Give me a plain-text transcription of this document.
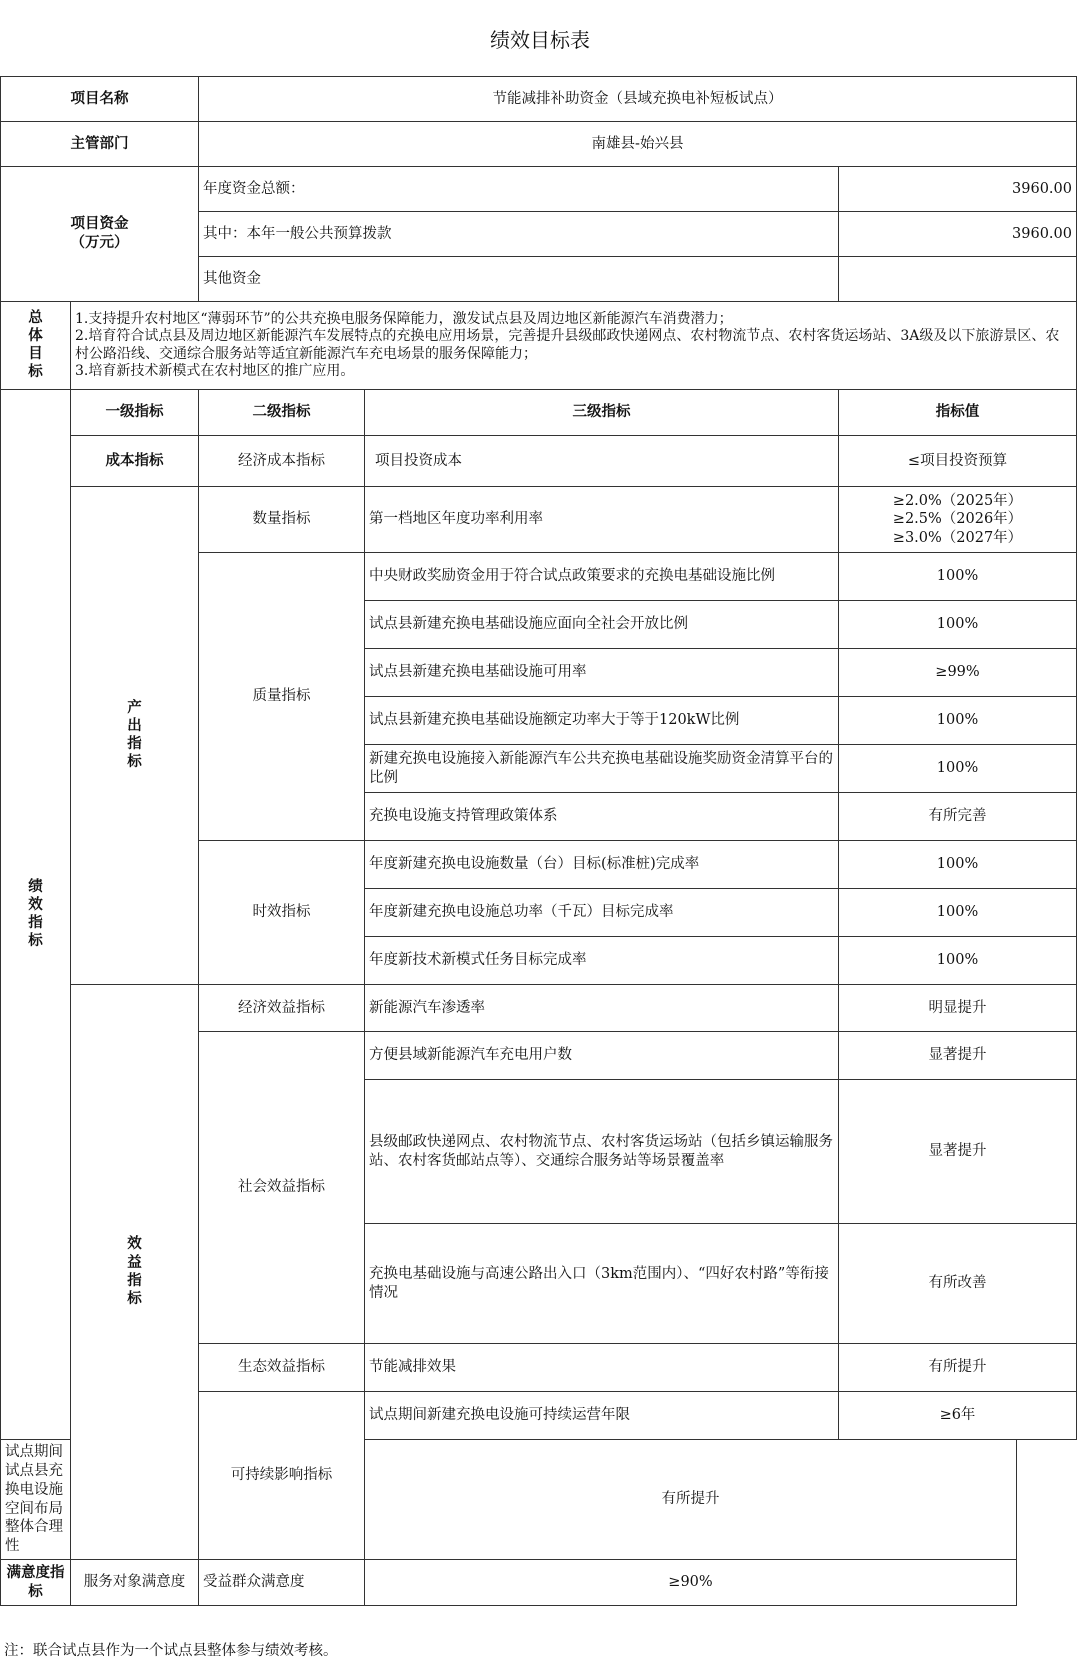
绩效目标表
项目名称		节能减排补助资金（县域充换电补短板试点）		
主管部门		南雄县-始兴县		
项目资金
（万元）		年度资金总额：		3960.00
		其中：本年一般公共预算拨款		3960.00
		其他资金		
总
体
目
标	1.支持提升农村地区“薄弱环节”的公共充换电服务保障能力，激发试点县及周边地区新能源汽车消费潜力；
2.培育符合试点县及周边地区新能源汽车发展特点的充换电应用场景，完善提升县级邮政快递网点、农村物流节点、农村客货运场站、3A级及以下旅游景区、农村公路沿线、交通综合服务站等适宜新能源汽车充电场景的服务保障能力；
3.培育新技术新模式在农村地区的推广应用。			
绩
效
指
标	一级指标	二级指标	三级指标	指标值
	成本指标	经济成本指标	项目投资成本	≤项目投资预算
	产
出
指
标	数量指标	第一档地区年度功率利用率	≥2.0%（2025年）
≥2.5%（2026年）
≥3.0%（2027年）
		质量指标	中央财政奖励资金用于符合试点政策要求的充换电基础设施比例	100%
			试点县新建充换电基础设施应面向全社会开放比例	100%
			试点县新建充换电基础设施可用率	≥99%
			试点县新建充换电基础设施额定功率大于等于120kW比例	100%
			新建充换电设施接入新能源汽车公共充换电基础设施奖励资金清算平台的比例	100%
			充换电设施支持管理政策体系	有所完善
		时效指标	年度新建充换电设施数量（台）目标(标准桩)完成率	100%
			年度新建充换电设施总功率（千瓦）目标完成率	100%
			年度新技术新模式任务目标完成率	100%
	效
益
指
标	经济效益指标	新能源汽车渗透率	明显提升
		社会效益指标	方便县域新能源汽车充电用户数	显著提升
			县级邮政快递网点、农村物流节点、农村客货运场站（包括乡镇运输服务站、农村客货邮站点等）、交通综合服务站等场景覆盖率	显著提升
			充换电基础设施与高速公路出入口（3km范围内）、“四好农村路”等衔接情况	有所改善
		生态效益指标	节能减排效果	有所提升
		可持续影响指标	试点期间新建充换电设施可持续运营年限	≥6年
试点期间试点县充换电设施空间布局整体合理性			有所提升	
满意度指标	服务对象满意度	受益群众满意度	≥90%	
注：联合试点县作为一个试点县整体参与绩效考核。
